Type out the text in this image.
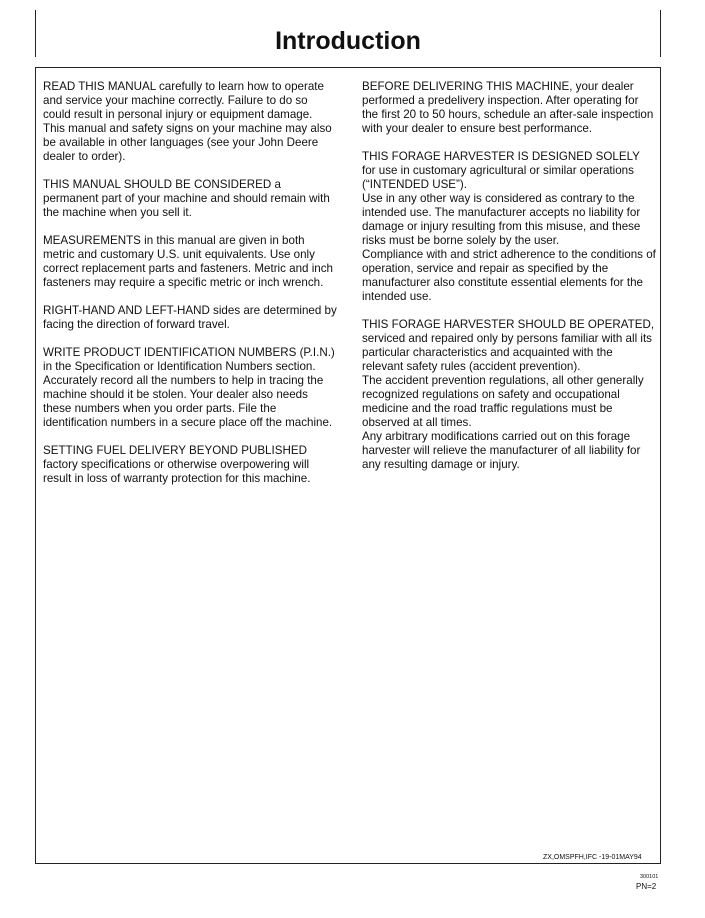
Introduction

READ THIS MANUAL carefully to learn how to operate and service your machine correctly. Failure to do so could result in personal injury or equipment damage. This manual and safety signs on your machine may also be available in other languages (see your John Deere dealer to order).

THIS MANUAL SHOULD BE CONSIDERED a permanent part of your machine and should remain with the machine when you sell it.

MEASUREMENTS in this manual are given in both metric and customary U.S. unit equivalents. Use only correct replacement parts and fasteners. Metric and inch fasteners may require a specific metric or inch wrench.

RIGHT-HAND AND LEFT-HAND sides are determined by facing the direction of forward travel.

WRITE PRODUCT IDENTIFICATION NUMBERS (P.I.N.) in the Specification or Identification Numbers section. Accurately record all the numbers to help in tracing the machine should it be stolen. Your dealer also needs these numbers when you order parts. File the identification numbers in a secure place off the machine.

SETTING FUEL DELIVERY BEYOND PUBLISHED factory specifications or otherwise overpowering will result in loss of warranty protection for this machine.

BEFORE DELIVERING THIS MACHINE, your dealer performed a predelivery inspection. After operating for the first 20 to 50 hours, schedule an after-sale inspection with your dealer to ensure best performance.

THIS FORAGE HARVESTER IS DESIGNED SOLELY for use in customary agricultural or similar operations (“INTENDED USE”).
Use in any other way is considered as contrary to the intended use. The manufacturer accepts no liability for damage or injury resulting from this misuse, and these risks must be borne solely by the user.
Compliance with and strict adherence to the conditions of operation, service and repair as specified by the manufacturer also constitute essential elements for the intended use.

THIS FORAGE HARVESTER SHOULD BE OPERATED, serviced and repaired only by persons familiar with all its particular characteristics and acquainted with the relevant safety rules (accident prevention).
The accident prevention regulations, all other generally recognized regulations on safety and occupational medicine and the road traffic regulations must be observed at all times.
Any arbitrary modifications carried out on this forage harvester will relieve the manufacturer of all liability for any resulting damage or injury.

ZX,OMSPFH,IFC -19-01MAY94
300101
PN=2
